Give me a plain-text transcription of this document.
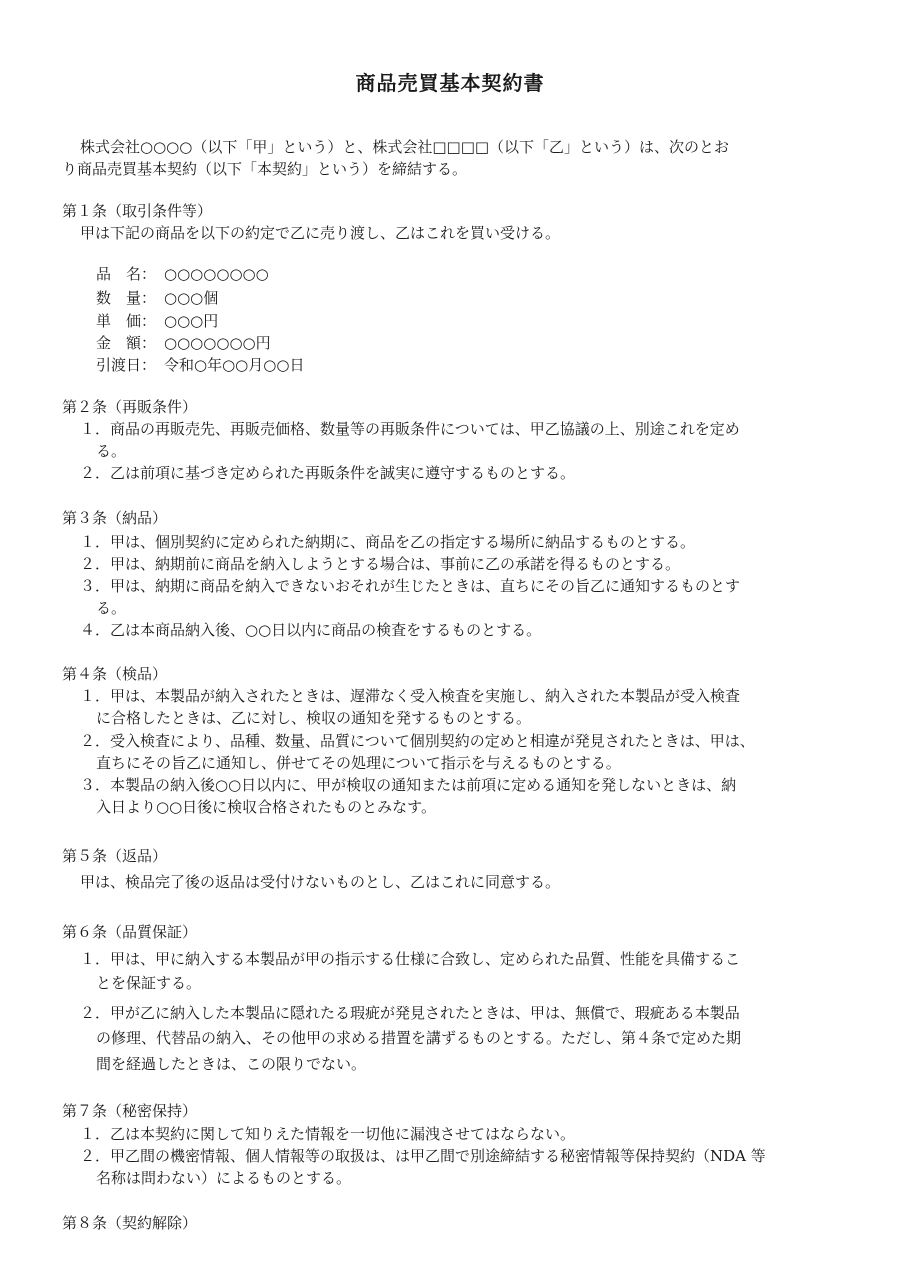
商品売買基本契約書
株式会社○○○○（以下「甲」という）と、株式会社□□□□（以下「乙」という）は、次のとお
り商品売買基本契約（以下「本契約」という）を締結する。
第１条（取引条件等）
甲は下記の商品を以下の約定で乙に売り渡し、乙はこれを買い受ける。
品　名： ○○○○○○○○
数　量： ○○○個
単　価： ○○○円
金　額： ○○○○○○○円
引渡日： 令和○年○○月○○日
第２条（再販条件）
１．商品の再販売先、再販売価格、数量等の再販条件については、甲乙協議の上、別途これを定め
る。
２．乙は前項に基づき定められた再販条件を誠実に遵守するものとする。
第３条（納品）
１．甲は、個別契約に定められた納期に、商品を乙の指定する場所に納品するものとする。
２．甲は、納期前に商品を納入しようとする場合は、事前に乙の承諾を得るものとする。
３．甲は、納期に商品を納入できないおそれが生じたときは、直ちにその旨乙に通知するものとす
る。
４．乙は本商品納入後、○○日以内に商品の検査をするものとする。
第４条（検品）
１．甲は、本製品が納入されたときは、遅滞なく受入検査を実施し、納入された本製品が受入検査
に合格したときは、乙に対し、検収の通知を発するものとする。
２．受入検査により、品種、数量、品質について個別契約の定めと相違が発見されたときは、甲は、
直ちにその旨乙に通知し、併せてその処理について指示を与えるものとする。
３．本製品の納入後○○日以内に、甲が検収の通知または前項に定める通知を発しないときは、納
入日より○○日後に検収合格されたものとみなす。
第５条（返品）
甲は、検品完了後の返品は受付けないものとし、乙はこれに同意する。
第６条（品質保証）
１．甲は、甲に納入する本製品が甲の指示する仕様に合致し、定められた品質、性能を具備するこ
とを保証する。
２．甲が乙に納入した本製品に隠れたる瑕疵が発見されたときは、甲は、無償で、瑕疵ある本製品
の修理、代替品の納入、その他甲の求める措置を講ずるものとする。ただし、第４条で定めた期
間を経過したときは、この限りでない。
第７条（秘密保持）
１．乙は本契約に関して知りえた情報を一切他に漏洩させてはならない。
２．甲乙間の機密情報、個人情報等の取扱は、は甲乙間で別途締結する秘密情報等保持契約（NDA 等
名称は問わない）によるものとする。
第８条（契約解除）
